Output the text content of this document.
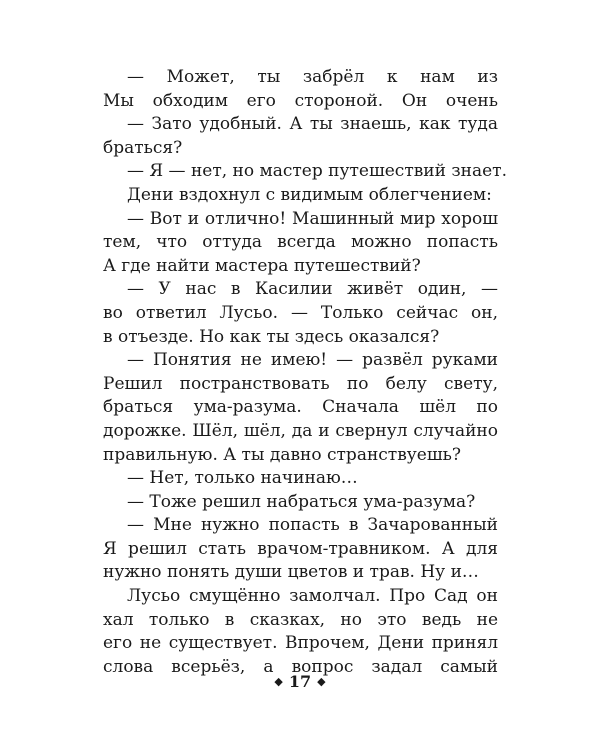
— Может, ты забрёл к нам из
Мы обходим его стороной. Он очень
— Зато удобный. А ты знаешь, как туда
браться?
— Я — нет, но мастер путешествий знает.
Дени вздохнул с видимым облегчением:
— Вот и отлично! Машинный мир хорош
тем, что оттуда всегда можно попасть
А где найти мастера путешествий?
— У нас в Касилии живёт один, —
во ответил Лусьо. — Только сейчас он,
в отъезде. Но как ты здесь оказался?
— Понятия не имею! — развёл руками
Решил постранствовать по белу свету,
браться ума-разума. Сначала шёл по
дорожке. Шёл, шёл, да и свернул случайно
правильную. А ты давно странствуешь?
— Нет, только начинаю…
— Тоже решил набраться ума-разума?
— Мне нужно попасть в Зачарованный
Я решил стать врачом-травником. А для
нужно понять души цветов и трав. Ну и…
Лусьо смущённо замолчал. Про Сад он
хал только в сказках, но это ведь не
его не существует. Впрочем, Дени принял
слова всерьёз, а вопрос задал самый
◆ 17 ◆
